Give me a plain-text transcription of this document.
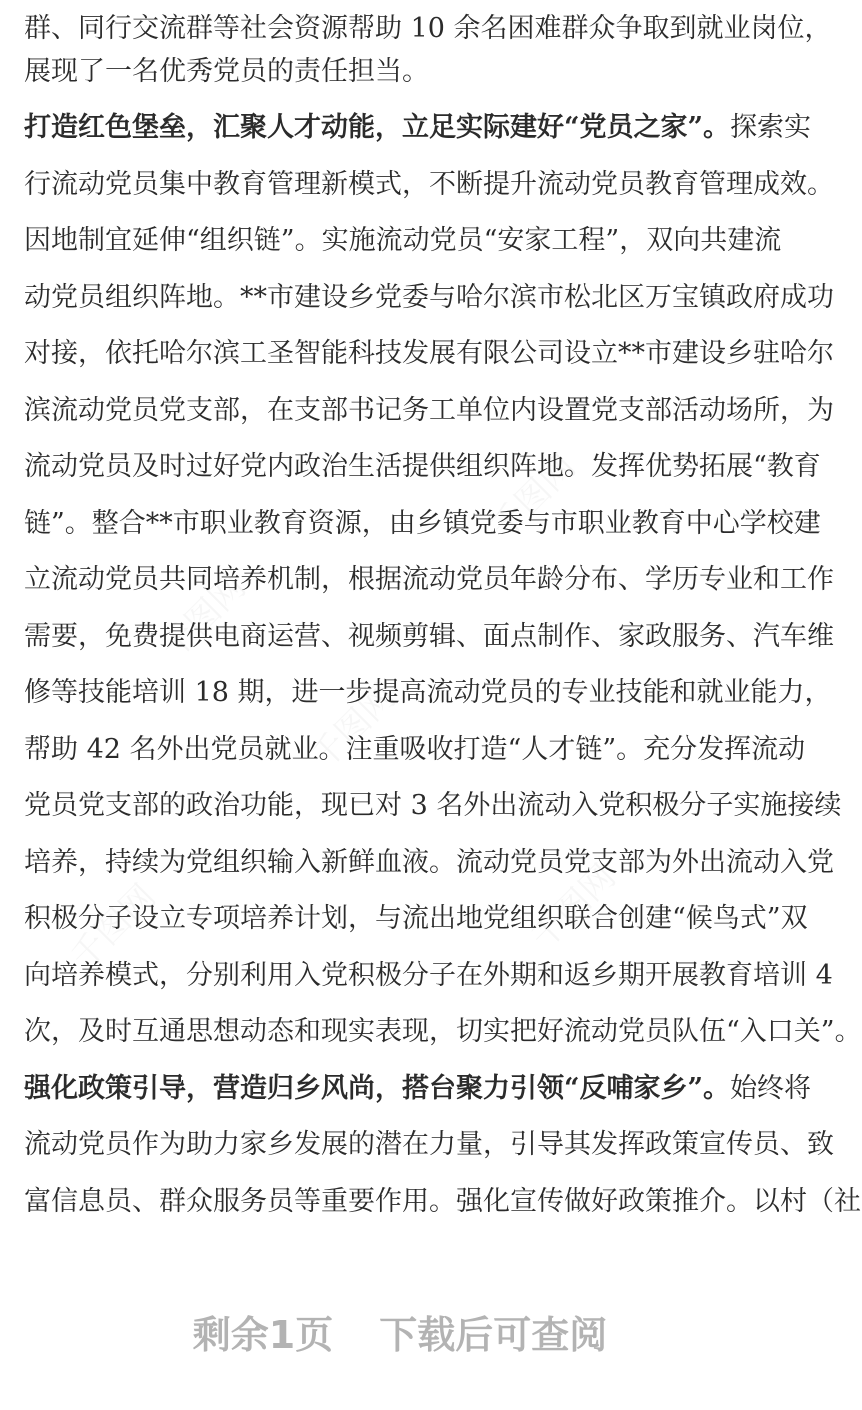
群、同行交流群等社会资源帮助 10 余名困难群众争取到就业岗位，
展现了一名优秀党员的责任担当。
打造红色堡垒，汇聚人才动能，立足实际建好“党员之家”。探索实
行流动党员集中教育管理新模式，不断提升流动党员教育管理成效。
因地制宜延伸“组织链”。实施流动党员“安家工程”，双向共建流
动党员组织阵地。**市建设乡党委与哈尔滨市松北区万宝镇政府成功
对接，依托哈尔滨工圣智能科技发展有限公司设立**市建设乡驻哈尔
滨流动党员党支部，在支部书记务工单位内设置党支部活动场所，为
流动党员及时过好党内政治生活提供组织阵地。发挥优势拓展“教育
链”。整合**市职业教育资源，由乡镇党委与市职业教育中心学校建
立流动党员共同培养机制，根据流动党员年龄分布、学历专业和工作
需要，免费提供电商运营、视频剪辑、面点制作、家政服务、汽车维
修等技能培训 18 期，进一步提高流动党员的专业技能和就业能力，
帮助 42 名外出党员就业。注重吸收打造“人才链”。充分发挥流动
党员党支部的政治功能，现已对 3 名外出流动入党积极分子实施接续
培养，持续为党组织输入新鲜血液。流动党员党支部为外出流动入党
积极分子设立专项培养计划，与流出地党组织联合创建“候鸟式”双
向培养模式，分别利用入党积极分子在外期和返乡期开展教育培训 4
次，及时互通思想动态和现实表现，切实把好流动党员队伍“入口关”。
强化政策引导，营造归乡风尚，搭台聚力引领“反哺家乡”。始终将
流动党员作为助力家乡发展的潜在力量，引导其发挥政策宣传员、致
富信息员、群众服务员等重要作用。强化宣传做好政策推介。以村（社
剩余1页 下载后可查阅
